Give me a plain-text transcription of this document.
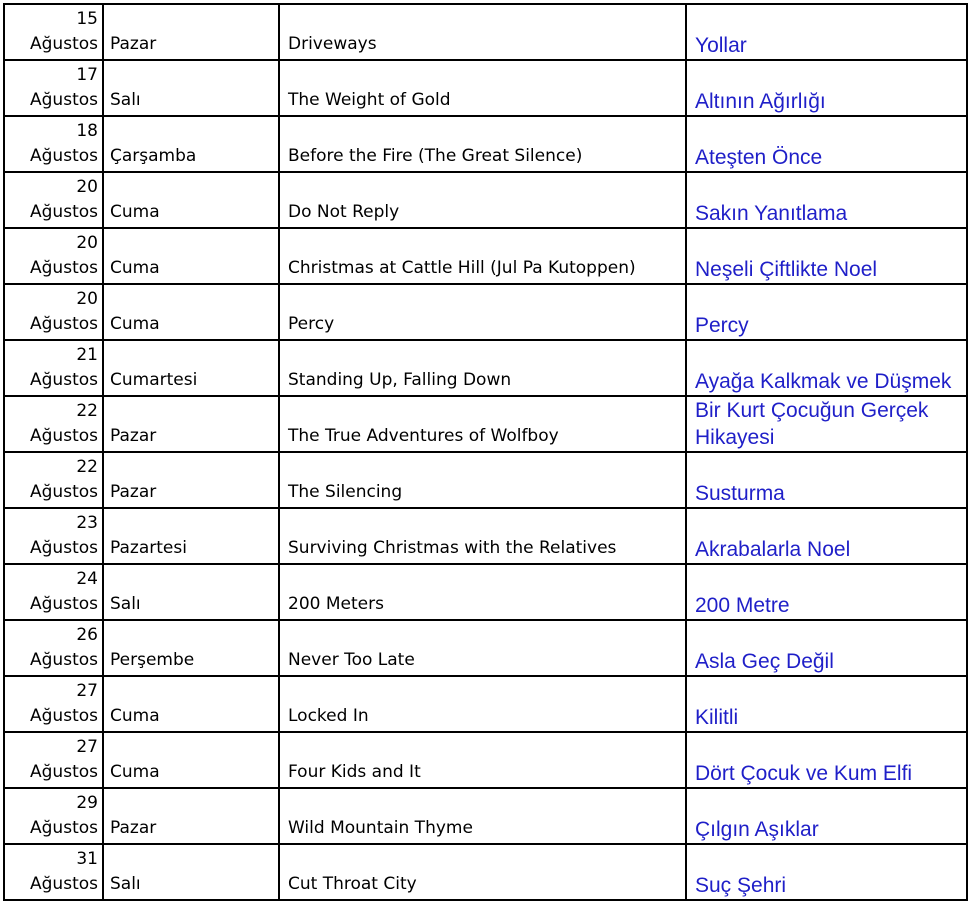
15
Ağustos	Pazar	Driveways	Yollar

17
Ağustos	Salı	The Weight of Gold	Altının Ağırlığı

18
Ağustos	Çarşamba	Before the Fire (The Great Silence)	Ateşten Önce

20
Ağustos	Cuma	Do Not Reply	Sakın Yanıtlama

20
Ağustos	Cuma	Christmas at Cattle Hill (Jul Pa Kutoppen)	Neşeli Çiftlikte Noel

20
Ağustos	Cuma	Percy	Percy

21
Ağustos	Cumartesi	Standing Up, Falling Down	Ayağa Kalkmak ve Düşmek

22
Ağustos	Pazar	The True Adventures of Wolfboy	Bir Kurt Çocuğun Gerçek Hikayesi

22
Ağustos	Pazar	The Silencing	Susturma

23
Ağustos	Pazartesi	Surviving Christmas with the Relatives	Akrabalarla Noel

24
Ağustos	Salı	200 Meters	200 Metre

26
Ağustos	Perşembe	Never Too Late	Asla Geç Değil

27
Ağustos	Cuma	Locked In	Kilitli

27
Ağustos	Cuma	Four Kids and It	Dört Çocuk ve Kum Elfi

29
Ağustos	Pazar	Wild Mountain Thyme	Çılgın Aşıklar

31
Ağustos	Salı	Cut Throat City	Suç Şehri
